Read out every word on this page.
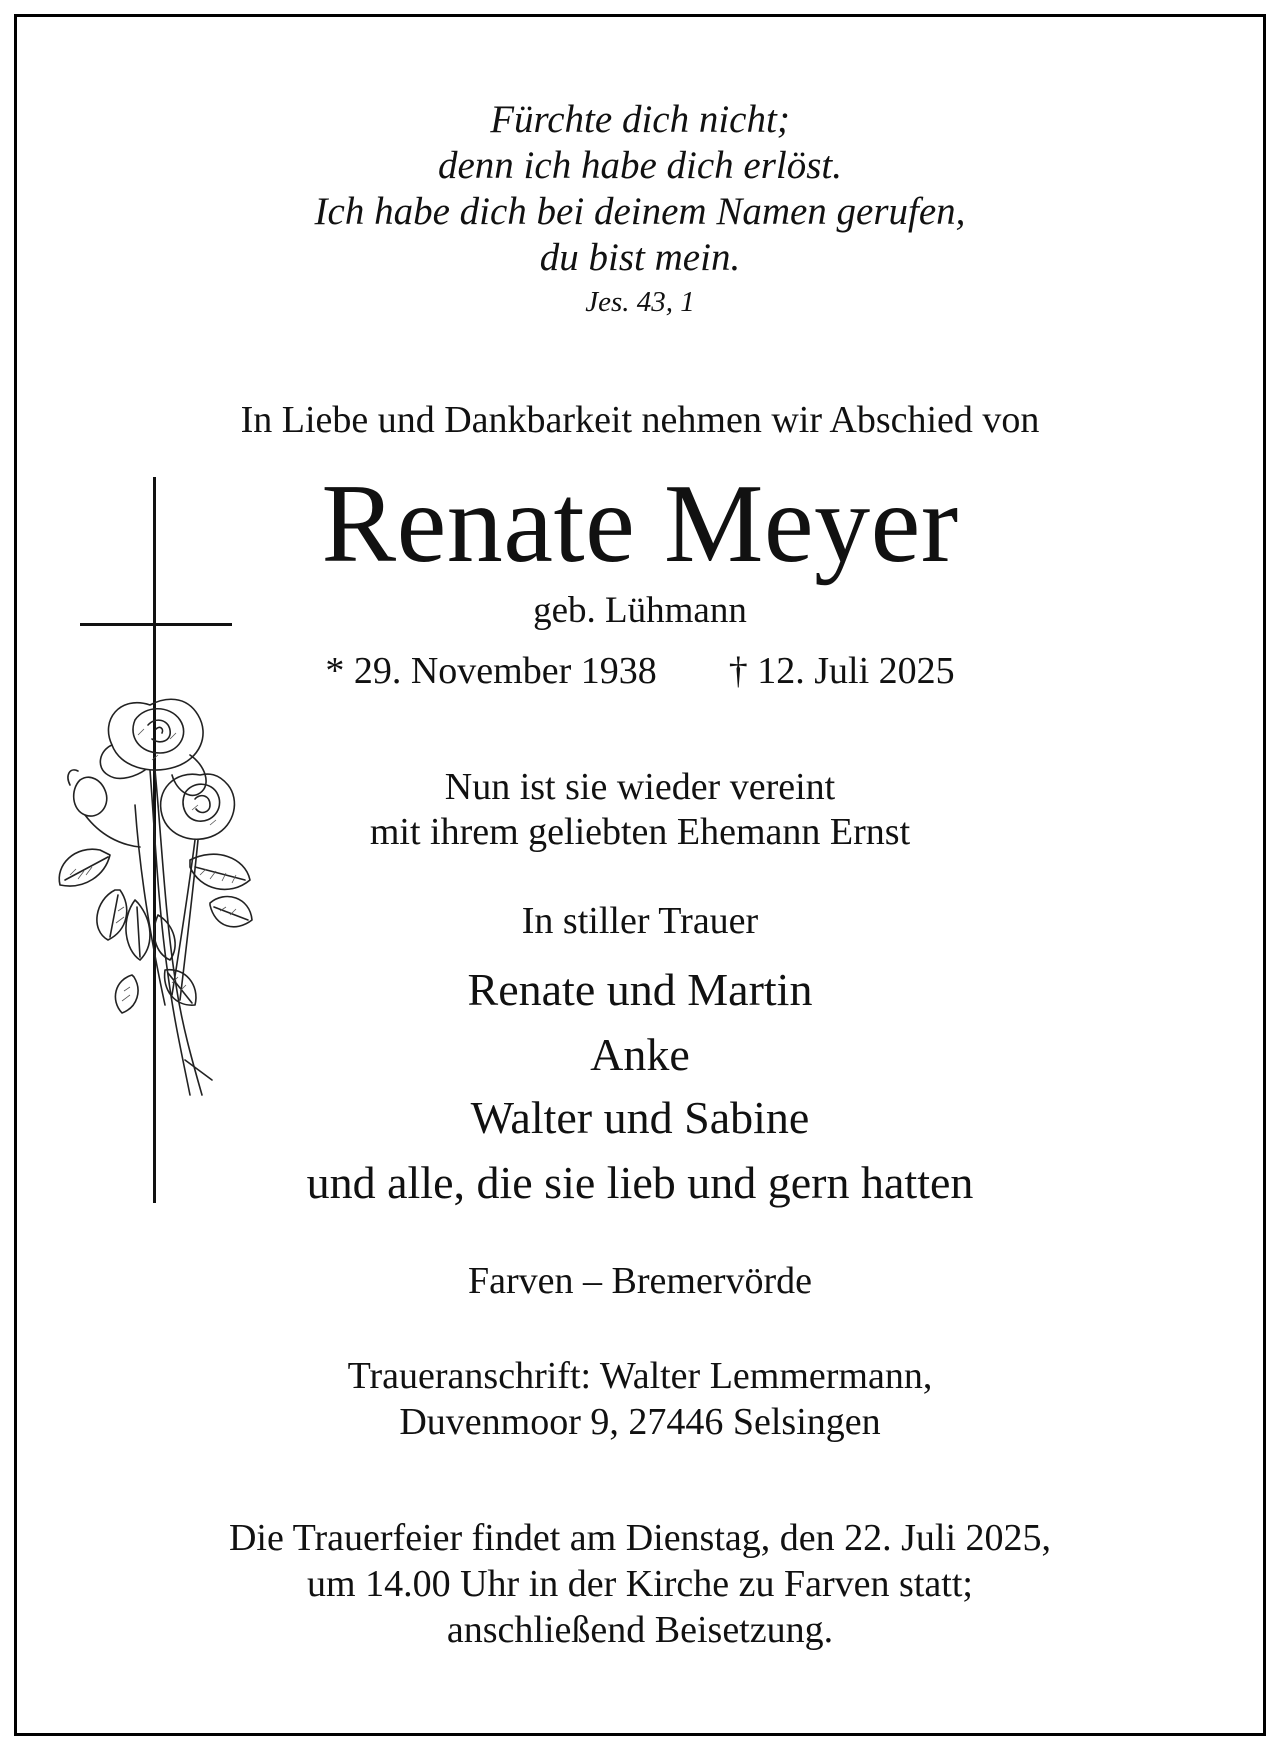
Fürchte dich nicht;
denn ich habe dich erlöst.
Ich habe dich bei deinem Namen gerufen,
du bist mein.
Jes. 43, 1
In Liebe und Dankbarkeit nehmen wir Abschied von
Renate Meyer
geb. Lühmann
* 29. November 1938 † 12. Juli 2025
Nun ist sie wieder vereint
mit ihrem geliebten Ehemann Ernst
In stiller Trauer
Renate und Martin
Anke
Walter und Sabine
und alle, die sie lieb und gern hatten
Farven – Bremervörde
Traueranschrift: Walter Lemmermann,
Duvenmoor 9, 27446 Selsingen
Die Trauerfeier findet am Dienstag, den 22. Juli 2025,
um 14.00 Uhr in der Kirche zu Farven statt;
anschließend Beisetzung.
